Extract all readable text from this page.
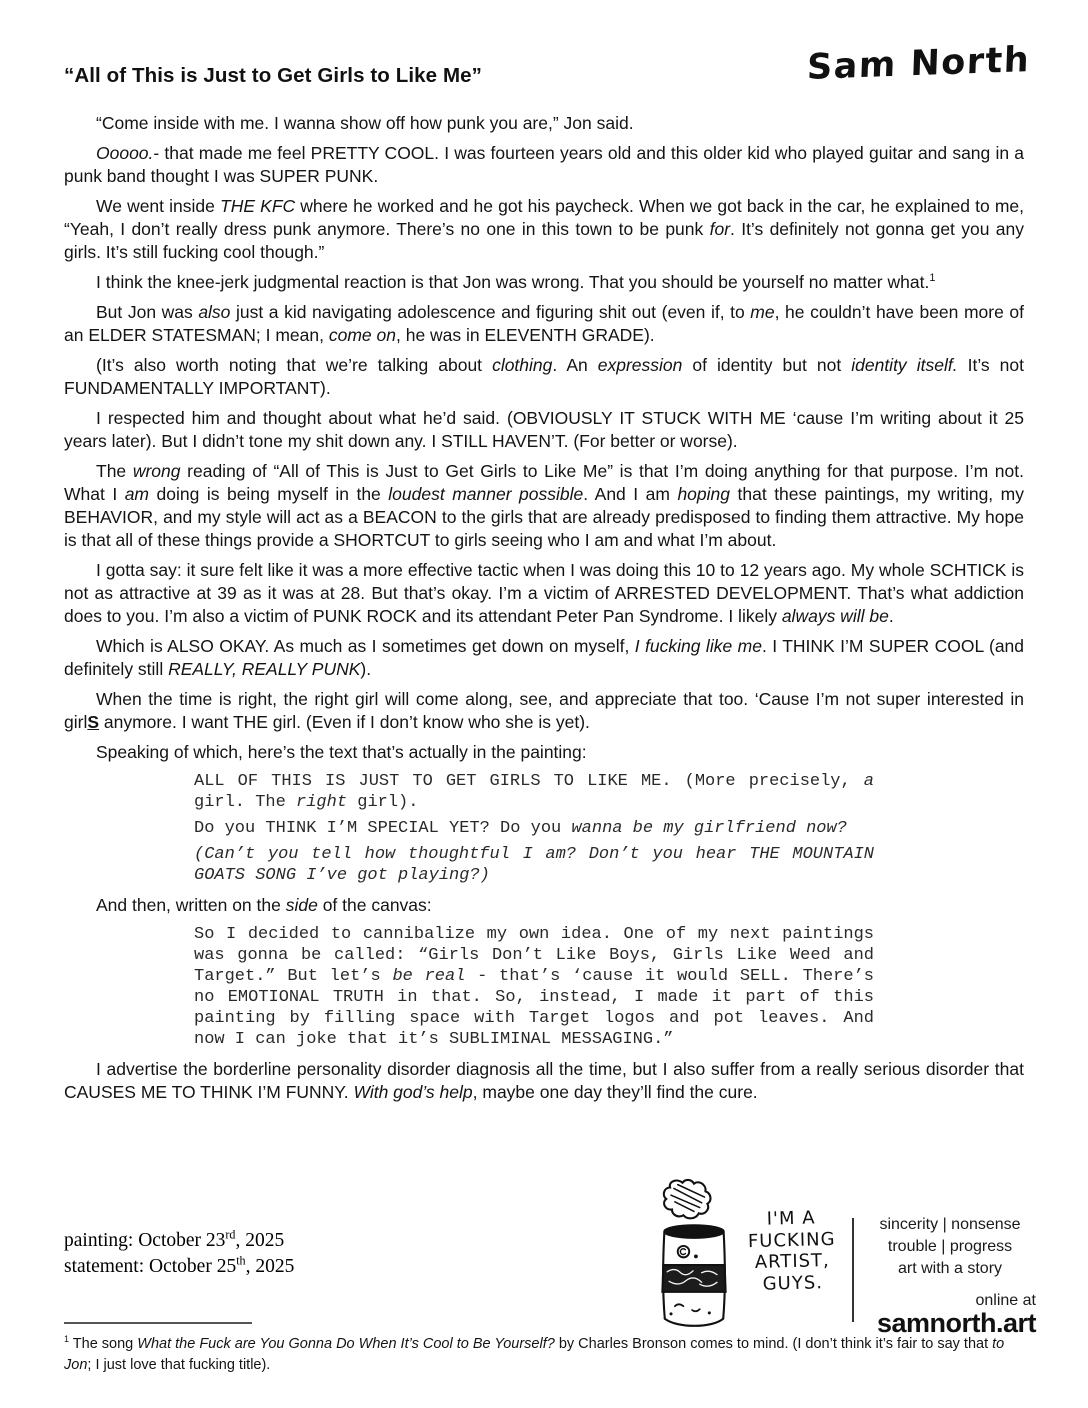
“All of This is Just to Get Girls to Like Me”	Sam North

“Come inside with me. I wanna show off how punk you are,” Jon said.

Ooooo.- that made me feel PRETTY COOL. I was fourteen years old and this older kid who played guitar and sang in a punk band thought I was SUPER PUNK.

We went inside THE KFC where he worked and he got his paycheck. When we got back in the car, he explained to me, “Yeah, I don’t really dress punk anymore. There’s no one in this town to be punk for. It’s definitely not gonna get you any girls. It’s still fucking cool though.”

I think the knee-jerk judgmental reaction is that Jon was wrong. That you should be yourself no matter what.$^1$

But Jon was also just a kid navigating adolescence and figuring shit out (even if, to me, he couldn’t have been more of an ELDER STATESMAN; I mean, come on, he was in ELEVENTH GRADE).

(It’s also worth noting that we’re talking about clothing. An expression of identity but not identity itself. It’s not FUNDAMENTALLY IMPORTANT).

I respected him and thought about what he’d said. (OBVIOUSLY IT STUCK WITH ME ‘cause I’m writing about it 25 years later). But I didn’t tone my shit down any. I STILL HAVEN’T. (For better or worse).

The wrong reading of “All of This is Just to Get Girls to Like Me” is that I’m doing anything for that purpose. I’m not. What I am doing is being myself in the loudest manner possible. And I am hoping that these paintings, my writing, my BEHAVIOR, and my style will act as a BEACON to the girls that are already predisposed to finding them attractive. My hope is that all of these things provide a SHORTCUT to girls seeing who I am and what I’m about.

I gotta say: it sure felt like it was a more effective tactic when I was doing this 10 to 12 years ago. My whole SCHTICK is not as attractive at 39 as it was at 28. But that’s okay. I’m a victim of ARRESTED DEVELOPMENT. That’s what addiction does to you. I’m also a victim of PUNK ROCK and its attendant Peter Pan Syndrome. I likely always will be.

Which is ALSO OKAY. As much as I sometimes get down on myself, I fucking like me. I THINK I’M SUPER COOL (and definitely still REALLY, REALLY PUNK).

When the time is right, the right girl will come along, see, and appreciate that too. ‘Cause I’m not super interested in girlS anymore. I want THE girl. (Even if I don’t know who she is yet).

Speaking of which, here’s the text that’s actually in the painting:

ALL OF THIS IS JUST TO GET GIRLS TO LIKE ME. (More precisely, a girl. The right girl).

Do you THINK I’M SPECIAL YET? Do you wanna be my girlfriend now?

(Can’t you tell how thoughtful I am? Don’t you hear THE MOUNTAIN GOATS SONG I’ve got playing?)

And then, written on the side of the canvas:

So I decided to cannibalize my own idea. One of my next paintings was gonna be called: “Girls Don’t Like Boys, Girls Like Weed and Target.” But let’s be real - that’s ‘cause it would SELL. There’s no EMOTIONAL TRUTH in that. So, instead, I made it part of this painting by filling space with Target logos and pot leaves. And now I can joke that it’s SUBLIMINAL MESSAGING.”

I advertise the borderline personality disorder diagnosis all the time, but I also suffer from a really serious disorder that CAUSES ME TO THINK I’M FUNNY. With god’s help, maybe one day they’ll find the cure.

painting: October 23rd, 2025
statement: October 25th, 2025
I'M A
FUCKING
ARTIST,
GUYS.
sincerity | nonsense
trouble | progress
art with a story
online at
samnorth.art
$^1$ The song What the Fuck are You Gonna Do When It’s Cool to Be Yourself? by Charles Bronson comes to mind. (I don’t think it’s fair to say that to Jon; I just love that fucking title).
